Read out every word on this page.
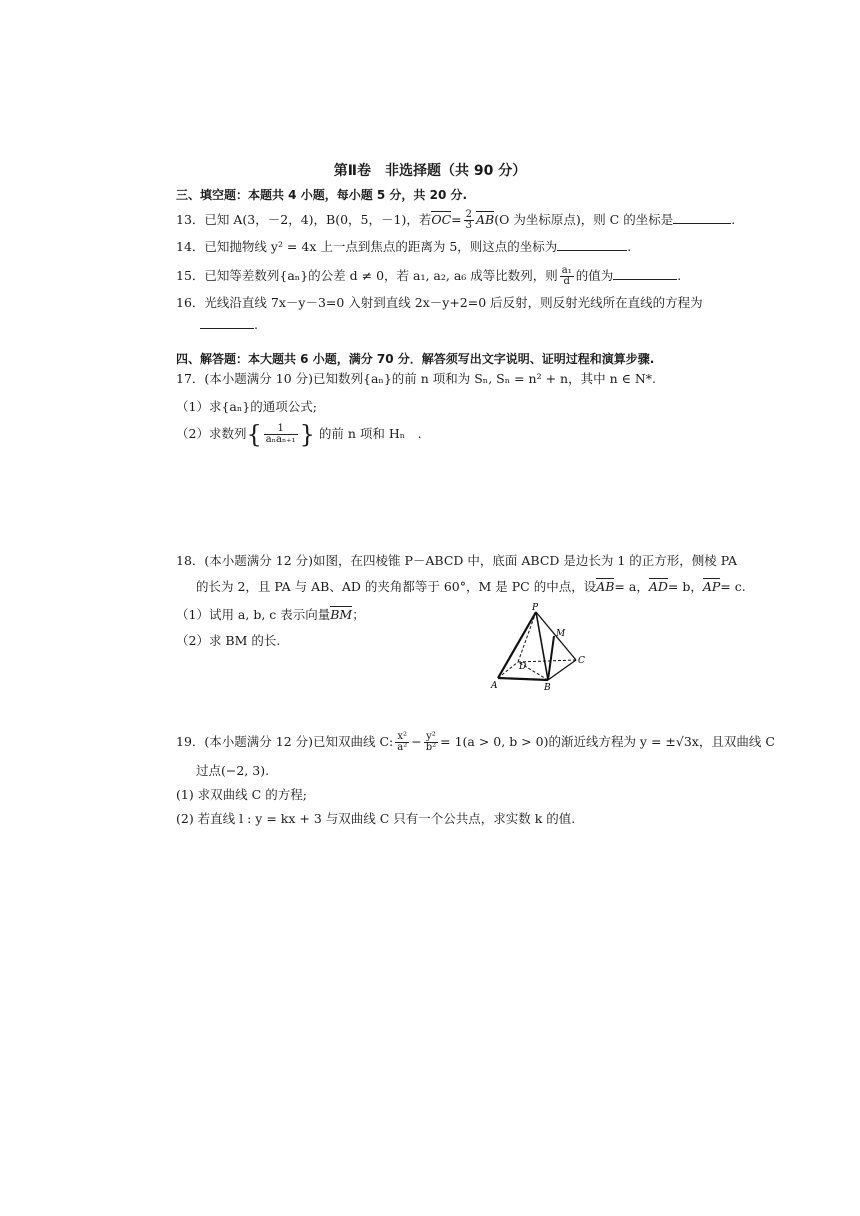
第Ⅱ卷　非选择题（共 90 分）
三、填空题：本题共 4 小题，每小题 5 分，共 20 分.
13．已知 A(3，－2，4)，B(0，5，－1)，若$OC= \frac{2}{3} AB(O$ 为坐标原点)，则 C 的坐标是	.
14．已知抛物线 y² = 4x 上一点到焦点的距离为 5，则这点的坐标为	.
15．已知等差数列{aₙ}的公差 d ≠ 0，若 a₁, a₂, a₆ 成等比数列，则 $\frac{\text{a₁}}{d}$ 的值为	.
16．光线沿直线 7x－y－3=0 入射到直线 2x－y+2=0 后反射，则反射光线所在直线的方程为
.
四、解答题：本大题共 6 小题，满分 70 分．解答须写出文字说明、证明过程和演算步骤.
17．(本小题满分 10 分)已知数列{aₙ}的前 n 项和为 Sₙ, Sₙ = n² + n，其中 n ∈ N*.
（1）求{aₙ}的通项公式;
（2）求数列{ $\frac{1}{\text{aₙaₙ₊₁}}$ } 的前 n 项和 Hₙ　.
18．(本小题满分 12 分)如图，在四棱锥 P－ABCD 中，底面 ABCD 是边长为 1 的正方形，侧棱 PA
的长为 2，且 PA 与 AB、AD 的夹角都等于 60°，M 是 PC 的中点，设AB= a，AD= b，AP= c.
（1）试用 a, b, c 表示向量BM；
（2）求 BM 的长.
P
M
D
C
A	B
19．(本小题满分 12 分)已知双曲线 C: $\frac{\text{x²}}{\text{a²}} - \frac{\text{y²}}{\text{b²}} = 1(a > 0$, b > 0)的渐近线方程为 y = ±√3x，且双曲线 C
过点(−2, 3).
(1) 求双曲线 C 的方程;
(2) 若直线 l : y = kx + 3 与双曲线 C 只有一个公共点，求实数 k 的值.
